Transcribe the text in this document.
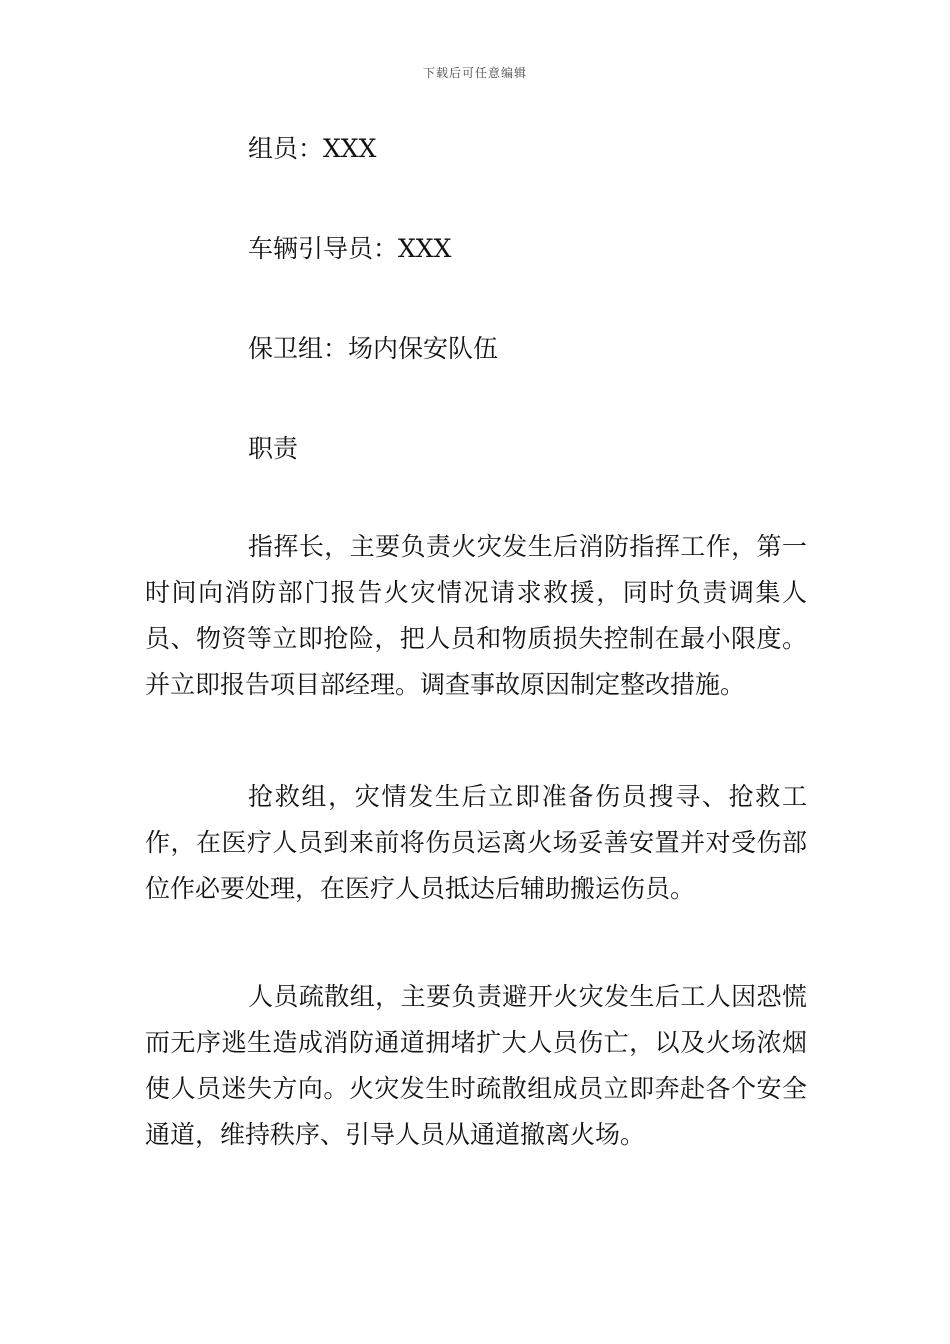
下载后可任意编辑
组员：XXX
车辆引导员：XXX
保卫组：场内保安队伍
职责

指挥长，主要负责火灾发生后消防指挥工作，第一时间向消防部门报告火灾情况请求救援，同时负责调集人员、物资等立即抢险，把人员和物质损失控制在最小限度。并立即报告项目部经理。调查事故原因制定整改措施。

抢救组，灾情发生后立即准备伤员搜寻、抢救工作，在医疗人员到来前将伤员运离火场妥善安置并对受伤部位作必要处理，在医疗人员抵达后辅助搬运伤员。

人员疏散组，主要负责避开火灾发生后工人因恐慌而无序逃生造成消防通道拥堵扩大人员伤亡，以及火场浓烟使人员迷失方向。火灾发生时疏散组成员立即奔赴各个安全通道，维持秩序、引导人员从通道撤离火场。
